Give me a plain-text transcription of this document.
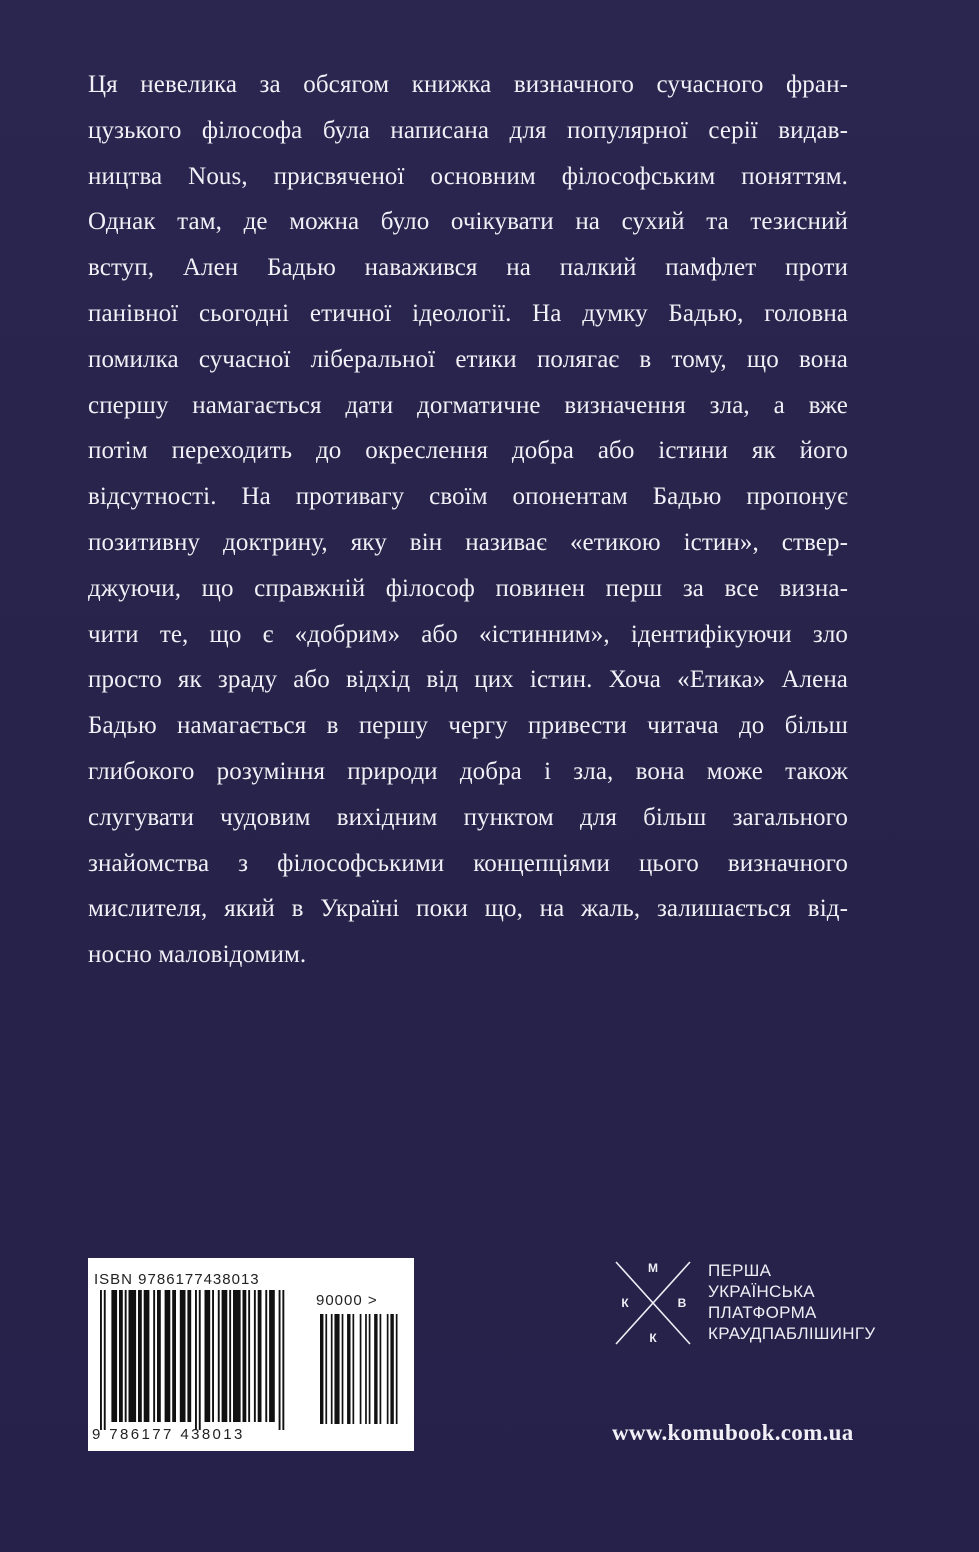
Ця невелика за обсягом книжка визначного сучасного фран-
цузького філософа була написана для популярної серії видав-
ництва Nous, присвяченої основним філософським поняттям.
Однак там, де можна було очікувати на сухий та тезисний
вступ, Ален Бадью наважився на палкий памфлет проти
панівної сьогодні етичної ідеології. На думку Бадью, головна
помилка сучасної ліберальної етики полягає в тому, що вона
спершу намагається дати догматичне визначення зла, а вже
потім переходить до окреслення добра або істини як його
відсутності. На противагу своїм опонентам Бадью пропонує
позитивну доктрину, яку він називає «етикою істин», ствер-
джуючи, що справжній філософ повинен перш за все визна-
чити те, що є «добрим» або «істинним», ідентифікуючи зло
просто як зраду або відхід від цих істин. Хоча «Етика» Алена
Бадью намагається в першу чергу привести читача до більш
глибокого розуміння природи добра і зла, вона може також
слугувати чудовим вихідним пунктом для більш загального
знайомства з філософськими концепціями цього визначного
мислителя, який в Україні поки що, на жаль, залишається від-
носно маловідомим.
ISBN 9786177438013
90000 >
9 786177 438013
М
К	В
К
ПЕРША
УКРАЇНСЬКА
ПЛАТФОРМА
КРАУДПАБЛІШИНГУ
www.komubook.com.ua
